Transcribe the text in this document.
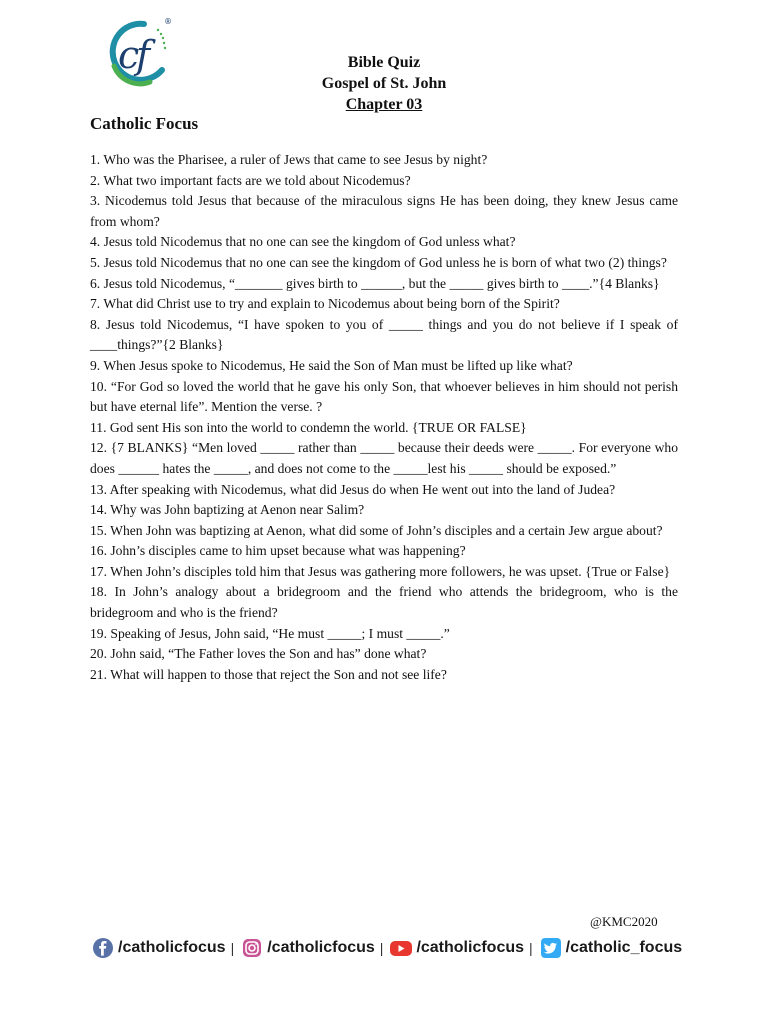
c
f
®
Bible Quiz
Gospel of St. John
Chapter 03
Catholic Focus

1. Who was the Pharisee, a ruler of Jews that came to see Jesus by night?

2. What two important facts are we told about Nicodemus?

3. Nicodemus told Jesus that because of the miraculous signs He has been doing, they knew Jesus came from whom?

4. Jesus told Nicodemus that no one can see the kingdom of God unless what?

5. Jesus told Nicodemus that no one can see the kingdom of God unless he is born of what two (2) things?

6. Jesus told Nicodemus, “_______ gives birth to ______, but the _____ gives birth to ____.”{4 Blanks}

7. What did Christ use to try and explain to Nicodemus about being born of the Spirit?

8. Jesus told Nicodemus, “I have spoken to you of _____ things and you do not believe if I speak of ____things?”{2 Blanks}

9. When Jesus spoke to Nicodemus, He said the Son of Man must be lifted up like what?

10. “For God so loved the world that he gave his only Son, that whoever believes in him should not perish but have eternal life”. Mention the verse. ?

11. God sent His son into the world to condemn the world. {TRUE OR FALSE}

12. {7 BLANKS} “Men loved _____ rather than _____ because their deeds were _____. For everyone who does ______ hates the _____, and does not come to the _____lest his _____ should be exposed.”

13. After speaking with Nicodemus, what did Jesus do when He went out into the land of Judea?

14. Why was John baptizing at Aenon near Salim?

15. When John was baptizing at Aenon, what did some of John’s disciples and a certain Jew argue about?

16. John’s disciples came to him upset because what was happening?

17. When John’s disciples told him that Jesus was gathering more followers, he was upset. {True or False}

18. In John’s analogy about a bridegroom and the friend who attends the bridegroom, who is the bridegroom and who is the friend?

19. Speaking of Jesus, John said, “He must _____; I must _____.”

20. John said, “The Father loves the Son and has” done what?

21. What will happen to those that reject the Son and not see life?

@KMC2020
/catholicfocus | /catholicfocus | /catholicfocus | /catholic_focus
